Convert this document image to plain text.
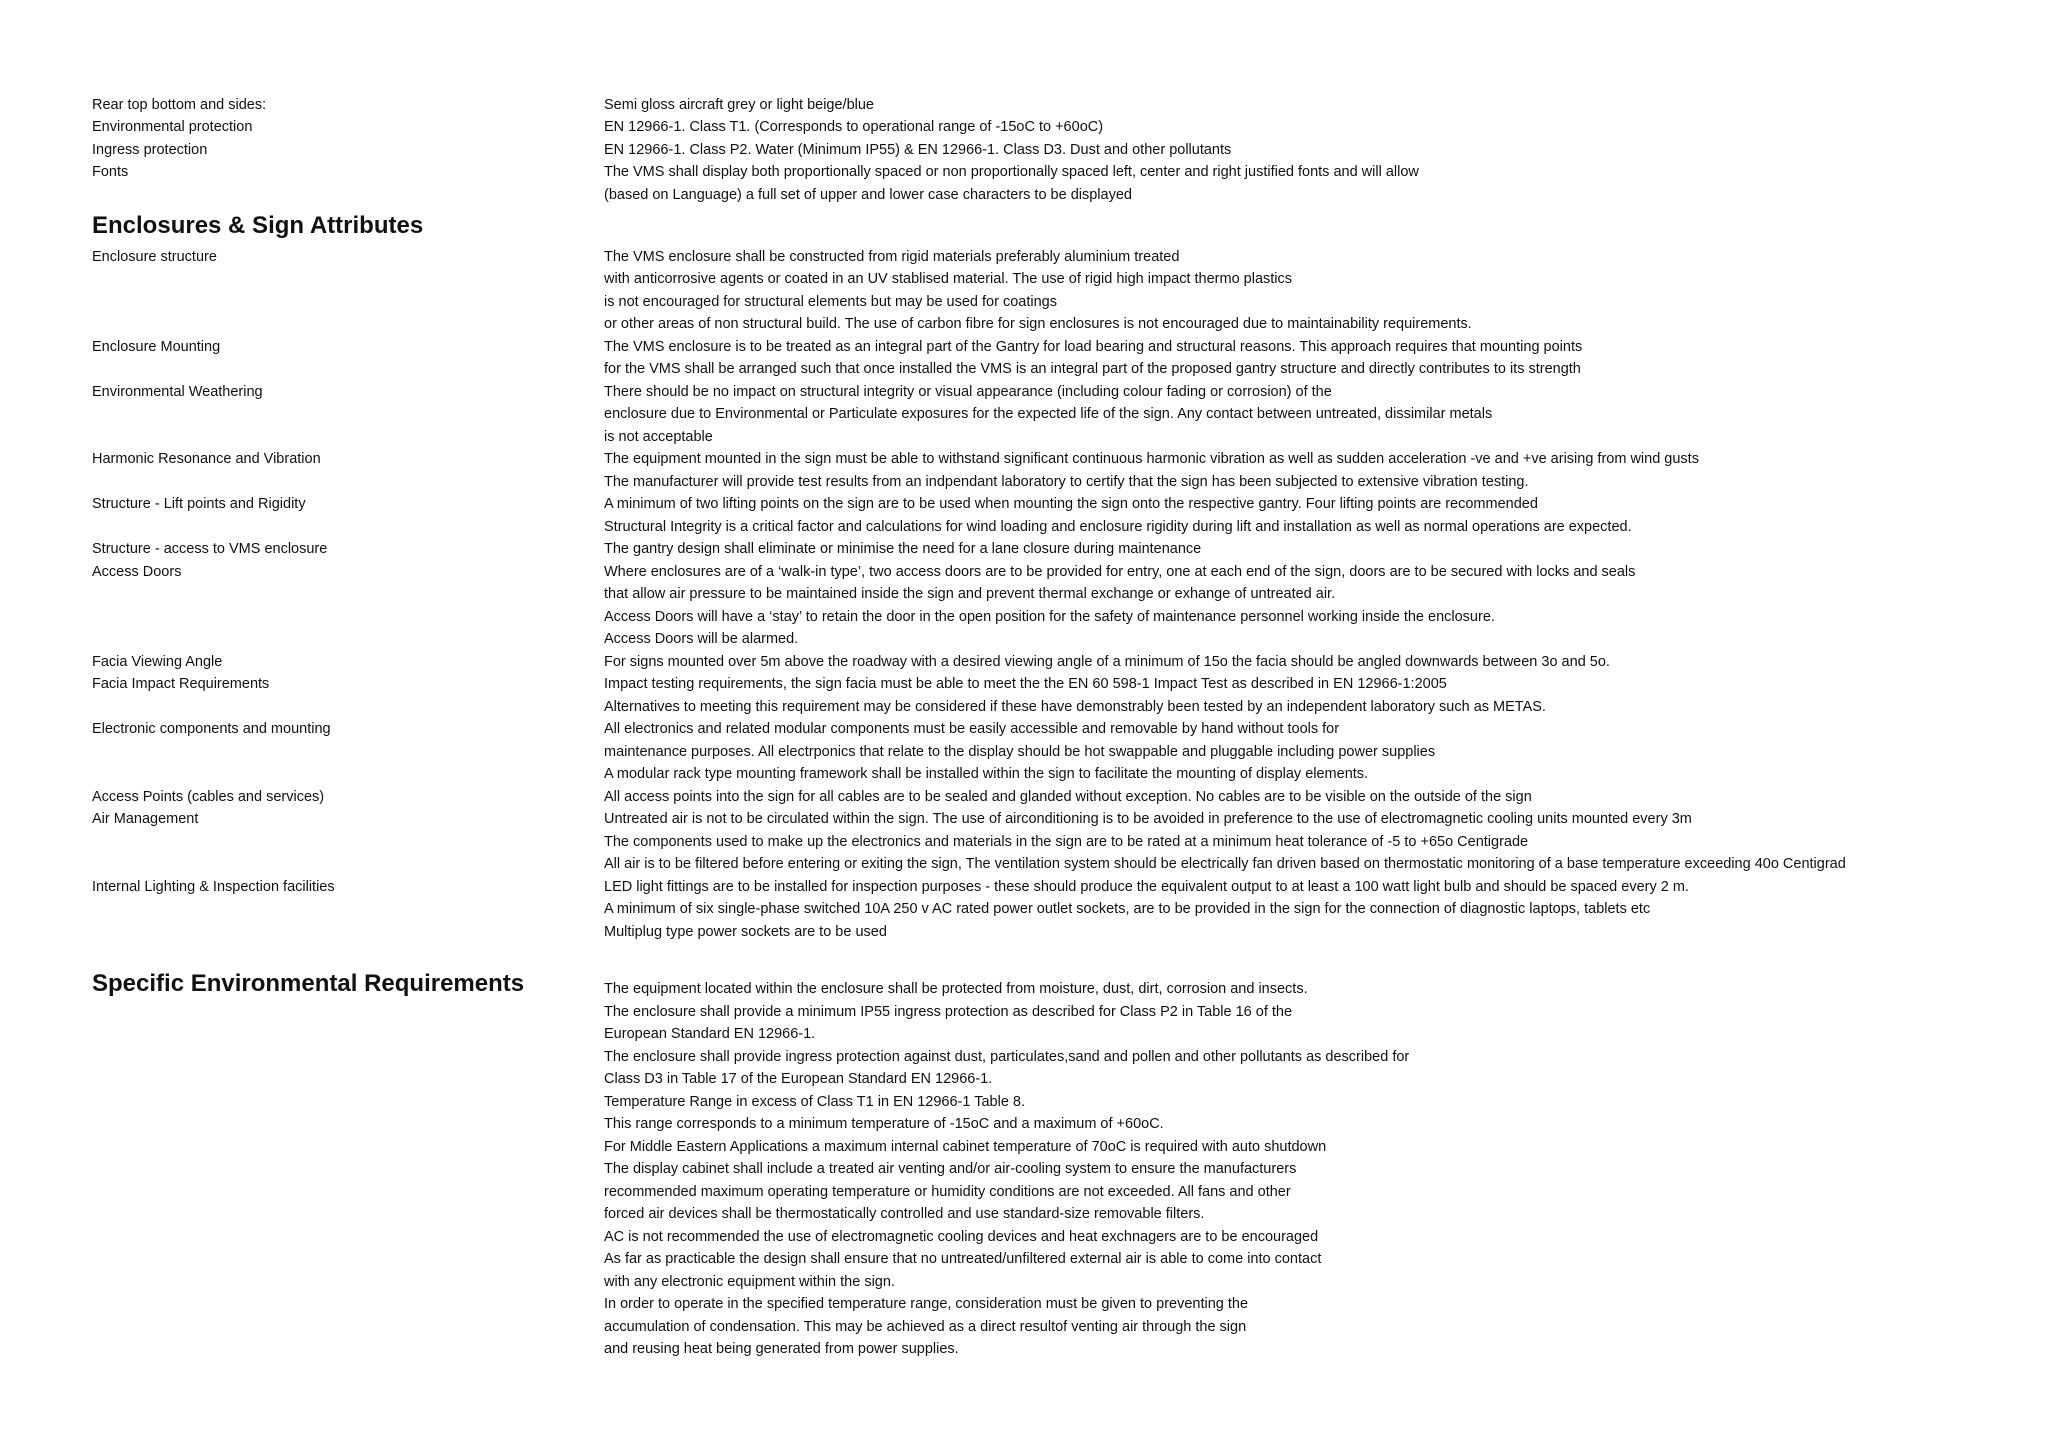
Rear top bottom and sides:	Semi gloss aircraft grey or light beige/blue
Environmental protection	EN 12966-1. Class T1. (Corresponds to operational range of -15oC to +60oC)
Ingress protection	EN 12966-1. Class P2. Water (Minimum IP55) & EN 12966-1. Class D3. Dust and other pollutants
Fonts	The VMS shall display both proportionally spaced or non proportionally spaced left, center and right justified fonts and will allow
(based on Language) a full set of upper and lower case characters to be displayed
Enclosures & Sign Attributes
Enclosure structure	The VMS enclosure shall be constructed from rigid materials preferably aluminium treated
with anticorrosive agents or coated in an UV stablised material. The use of rigid high impact thermo plastics
is not encouraged for structural elements but may be used for coatings
or other areas of non structural build. The use of carbon fibre for sign enclosures is not encouraged due to maintainability requirements.
Enclosure Mounting	The VMS enclosure is to be treated as an integral part of the Gantry for load bearing and structural reasons. This approach requires that mounting points
for the VMS shall be arranged such that once installed the VMS is an integral part of the proposed gantry structure and directly contributes to its strength
Environmental Weathering	There should be no impact on structural integrity or visual appearance (including colour fading or corrosion) of the
enclosure due to Environmental or Particulate exposures for the expected life of the sign. Any contact between untreated, dissimilar metals
is not acceptable
Harmonic Resonance and Vibration	The equipment mounted in the sign must be able to withstand significant continuous harmonic vibration as well as sudden acceleration -ve and +ve arising from wind gusts
The manufacturer will provide test results from an indpendant laboratory to certify that the sign has been subjected to extensive vibration testing.
Structure - Lift points and Rigidity	A minimum of two lifting points on the sign are to be used when mounting the sign onto the respective gantry. Four lifting points are recommended
Structural Integrity is a critical factor and calculations for wind loading and enclosure rigidity during lift and installation as well as normal operations are expected.
Structure - access to VMS enclosure	The gantry design shall eliminate or minimise the need for a lane closure during maintenance
Access Doors	Where enclosures are of a ‘walk-in type’, two access doors are to be provided for entry, one at each end of the sign, doors are to be secured with locks and seals
that allow air pressure to be maintained inside the sign and prevent thermal exchange or exhange of untreated air.
Access Doors will have a ‘stay’ to retain the door in the open position for the safety of maintenance personnel working inside the enclosure.
Access Doors will be alarmed.
Facia Viewing Angle	For signs mounted over 5m above the roadway with a desired viewing angle of a minimum of 15o the facia should be angled downwards between 3o and 5o.
Facia Impact Requirements	Impact testing requirements, the sign facia must be able to meet the the EN 60 598-1 Impact Test as described in EN 12966-1:2005
Alternatives to meeting this requirement may be considered if these have demonstrably been tested by an independent laboratory such as METAS.
Electronic components and mounting	All electronics and related modular components must be easily accessible and removable by hand without tools for
maintenance purposes. All electrponics that relate to the display should be hot swappable and pluggable including power supplies
A modular rack type mounting framework shall be installed within the sign to facilitate the mounting of display elements.
Access Points (cables and services)	All access points into the sign for all cables are to be sealed and glanded without exception. No cables are to be visible on the outside of the sign
Air Management	Untreated air is not to be circulated within the sign. The use of airconditioning is to be avoided in preference to the use of electromagnetic cooling units mounted every 3m
The components used to make up the electronics and materials in the sign are to be rated at a minimum heat tolerance of -5 to +65o Centigrade
All air is to be filtered before entering or exiting the sign, The ventilation system should be electrically fan driven based on thermostatic monitoring of a base temperature exceeding 40o Centigrad
Internal Lighting & Inspection facilities	LED light fittings are to be installed for inspection purposes - these should produce the equivalent output to at least a 100 watt light bulb and should be spaced every 2 m.
A minimum of six single-phase switched 10A 250 v AC rated power outlet sockets, are to be provided in the sign for the connection of diagnostic laptops, tablets etc
Multiplug type power sockets are to be used
Specific Environmental Requirements	The equipment located within the enclosure shall be protected from moisture, dust, dirt, corrosion and insects.
The enclosure shall provide a minimum IP55 ingress protection as described for Class P2 in Table 16 of the
European Standard EN 12966-1.
The enclosure shall provide ingress protection against dust, particulates,sand and pollen and other pollutants as described for
Class D3 in Table 17 of the European Standard EN 12966-1.
Temperature Range in excess of Class T1 in EN 12966-1 Table 8.
This range corresponds to a minimum temperature of -15oC and a maximum of +60oC.
For Middle Eastern Applications a maximum internal cabinet temperature of 70oC is required with auto shutdown
The display cabinet shall include a treated air venting and/or air-cooling system to ensure the manufacturers
recommended maximum operating temperature or humidity conditions are not exceeded. All fans and other
forced air devices shall be thermostatically controlled and use standard-size removable filters.
AC is not recommended the use of electromagnetic cooling devices and heat exchnagers are to be encouraged
As far as practicable the design shall ensure that no untreated/unfiltered external air is able to come into contact
with any electronic equipment within the sign.
In order to operate in the specified temperature range, consideration must be given to preventing the
accumulation of condensation. This may be achieved as a direct resultof venting air through the sign
and reusing heat being generated from power supplies.
